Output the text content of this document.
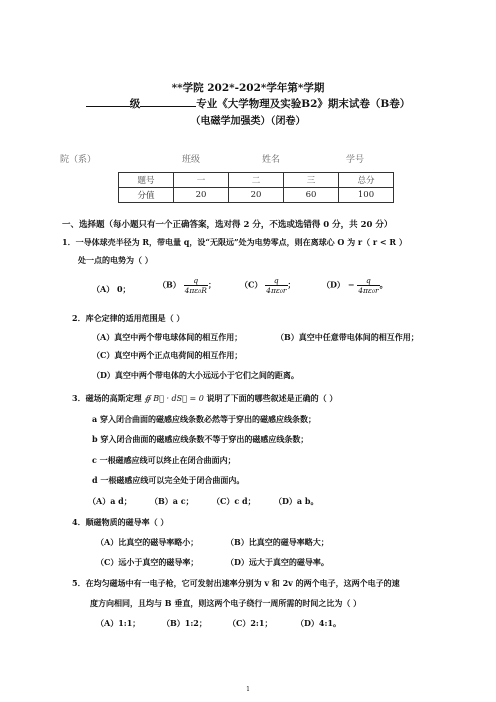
**学院 202*-202*学年第*学期
级	专业《大学物理及实验B2》期末试卷（B卷）
（电磁学加强类）（闭卷）
院（系）	班级	姓名	学号
题号	一	二	三	总分
分值	20	20	60	100
一、选择题（每小题只有一个正确答案，选对得 2 分，不选或选错得 0 分，共 20 分）
1．一导体球壳半径为 R，带电量 q，设“无限远”处为电势零点，则在离球心 O 为 r（ r < R ）
处一点的电势为（ ）
（A） 0；	$(B) \frac{q}{\text{4πε₀R}}$ ；	$(C) \frac{q}{\text{4πε₀r}}$ ；	$(D) - \frac{q}{\text{4πε₀r}}$ 。
2．库仑定律的适用范围是（ ）
（A）真空中两个带电球体间的相互作用；	（B）真空中任意带电体间的相互作用；
（C）真空中两个正点电荷间的相互作用；
（D）真空中两个带电体的大小远远小于它们之间的距离。
3．磁场的高斯定理 ∯ B⃗ · dS⃗ = 0 说明了下面的哪些叙述是正确的（ ）
a 穿入闭合曲面的磁感应线条数必然等于穿出的磁感应线条数；
b 穿入闭合曲面的磁感应线条数不等于穿出的磁感应线条数；
c 一根磁感应线可以终止在闭合曲面内；
d 一根磁感应线可以完全处于闭合曲面内。
（A）a d； （B）a c； （C）c d； （D）a b。
4．顺磁物质的磁导率（ ）
（A）比真空的磁导率略小；	（B）比真空的磁导率略大；
（C）远小于真空的磁导率；	（D）远大于真空的磁导率。
5．在均匀磁场中有一电子枪，它可发射出速率分别为 v 和 2v 的两个电子，这两个电子的速
度方向相同，且均与 B 垂直，则这两个电子绕行一周所需的时间之比为（ ）
（A）1:1；	（B）1:2；	（C）2:1；	（D）4:1。
1
